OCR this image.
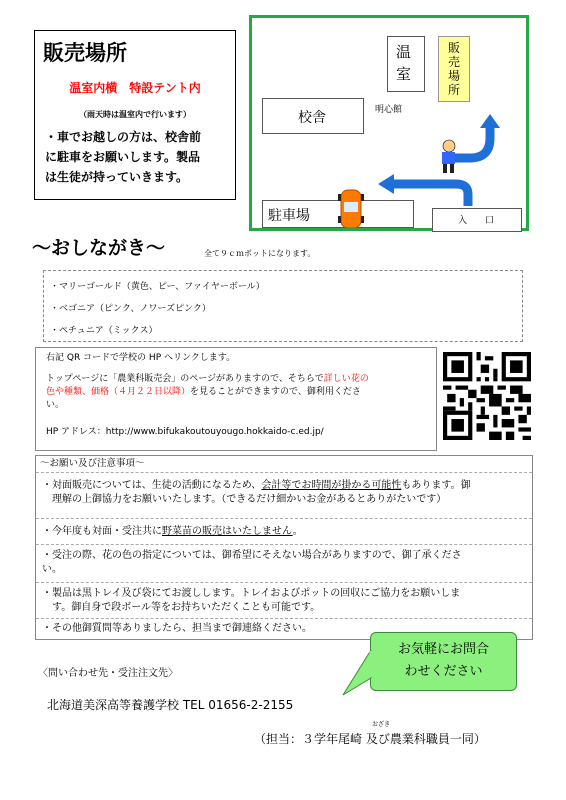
販売場所
温室内横　特設テント内
（雨天時は温室内で行います）
・車でお越しの方は、校舎前
に駐車をお願いします。製品
は生徒が持っていきます。
温
室
販
売
場
所
校舎	明心館
駐車場	入　　口
～おしながき～	全て９ｃｍポットになります。
・マリーゴールド（黄色、ピー、ファイヤーボール）
・ベゴニア（ピンク、ノワーズピンク）
・ペチュニア（ミックス）
右記 QR コードで学校の HP へリンクします。
トップページに「農業科販売会」のページがありますので、そちらで詳しい花の
色や種類、価格（４月２２日以降）を見ることができますので、御利用くださ
い。
HP アドレス：http://www.bifukakoutouyougo.hokkaido-c.ed.jp/
～お願い及び注意事項～
・対面販売については、生徒の活動になるため、会計等でお時間が掛かる可能性もあります。御
　理解の上御協力をお願いいたします。（できるだけ細かいお金があるとありがたいです）
・今年度も対面・受注共に野菜苗の販売はいたしません。
・受注の際、花の色の指定については、御希望にそえない場合がありますので、御了承くださ
い。
・製品は黒トレイ及び袋にてお渡しします。トレイおよびポットの回収にご協力をお願いしま
　す。御自身で段ボール等をお持ちいただくことも可能です。
・その他御質問等ありましたら、担当まで御連絡ください。
お気軽にお問合
わせください
〈問い合わせ先・受注注文先〉
北海道美深高等養護学校 TEL 01656-2-2155
おざき
（担当：３学年尾崎 及び農業科職員一同）
